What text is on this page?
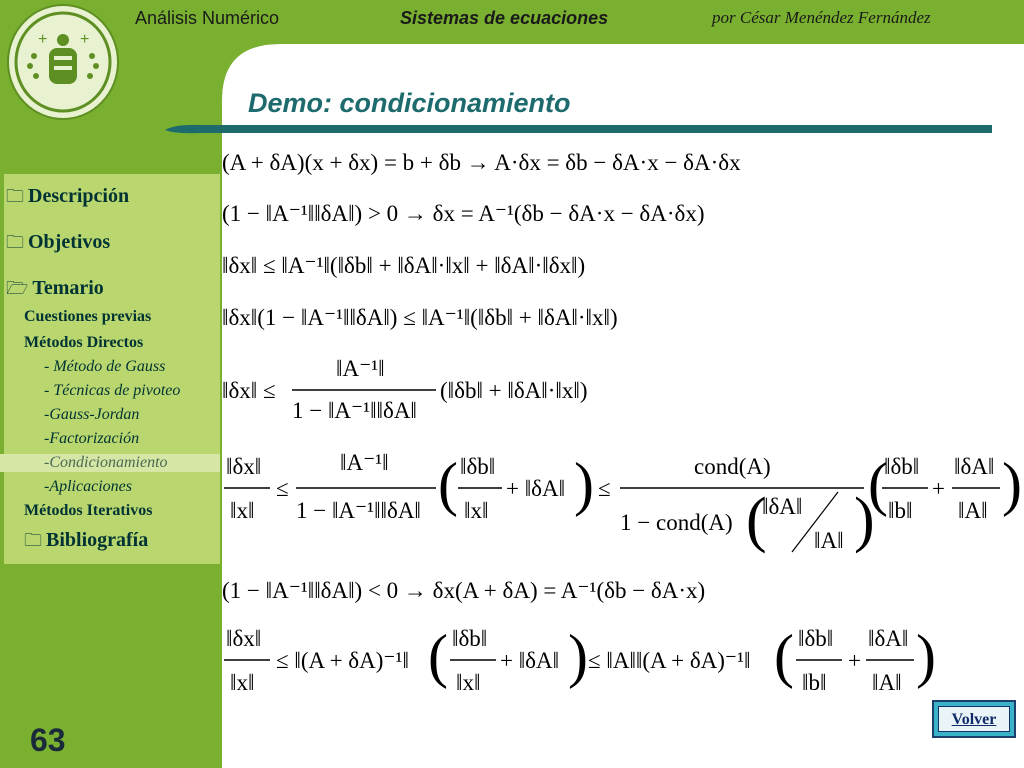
+ +
Análisis Numérico	Sistemas de ecuaciones	por César Menéndez Fernández
Demo: condicionamiento
🗀 Descripción
🗀 Objetivos
🗁 Temario
Cuestiones previas
Métodos Directos
- Método de Gauss
- Técnicas de pivoteo
-Gauss-Jordan
-Factorización
-Condicionamiento
-Aplicaciones
Métodos Iterativos
🗀 Bibliografía
63
Volver
(A + δA)(x + δx) = b + δb → A·δx = δb − δA·x − δA·δx
(1 − ‖A⁻¹‖‖δA‖) > 0 → δx = A⁻¹(δb − δA·x − δA·δx)
‖δx‖ ≤ ‖A⁻¹‖(‖δb‖ + ‖δA‖·‖x‖ + ‖δA‖·‖δx‖)
‖δx‖(1 − ‖A⁻¹‖‖δA‖) ≤ ‖A⁻¹‖(‖δb‖ + ‖δA‖·‖x‖)
‖δx‖ ≤
‖A⁻¹‖
1 − ‖A⁻¹‖‖δA‖
(‖δb‖ + ‖δA‖·‖x‖)
‖δx‖
‖x‖
≤
‖A⁻¹‖
1 − ‖A⁻¹‖‖δA‖ ( ‖δb‖
‖x‖
+ ‖δA‖ ) ≤
cond(A)
1 − cond(A) (
‖δA‖
‖A‖ )
(
‖δb‖
‖b‖
+
‖δA‖
‖A‖ )
(1 − ‖A⁻¹‖‖δA‖) < 0 → δx(A + δA) = A⁻¹(δb − δA·x)
‖δx‖
‖x‖
≤ ‖(A + δA)⁻¹‖ ( ‖δb‖
‖x‖
+ ‖δA‖ ) ≤ ‖A‖‖(A + δA)⁻¹‖ ( ‖δb‖
‖b‖
+
‖δA‖
‖A‖ )
